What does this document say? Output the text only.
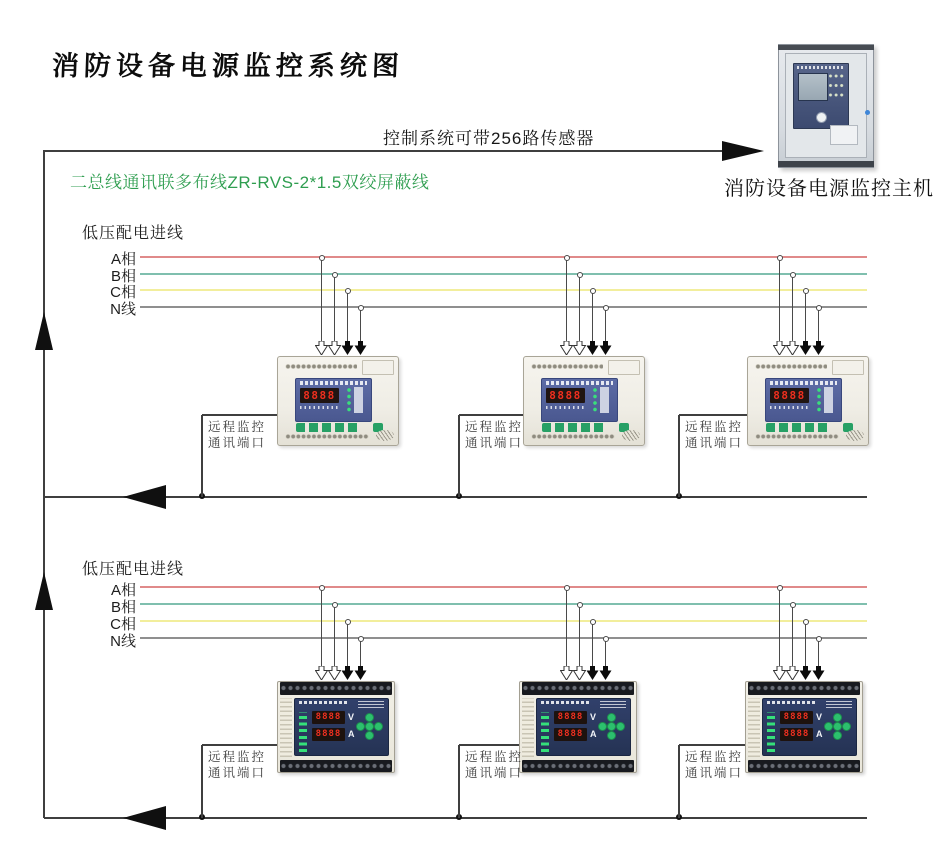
消防设备电源监控系统图
控制系统可带256路传感器
二总线通讯联多布线ZR-RVS-2*1.5双绞屏蔽线	消防设备电源监控主机
低压配电进线
A相
B相
C相
N线
8888	8888	8888
远程监控
通讯端口
远程监控
通讯端口
远程监控
通讯端口
低压配电进线
A相
B相
C相
N线
8888 V
8888 A
8888 V
8888 A
8888 V
8888 A
远程监控
通讯端口
远程监控
通讯端口
远程监控
通讯端口
